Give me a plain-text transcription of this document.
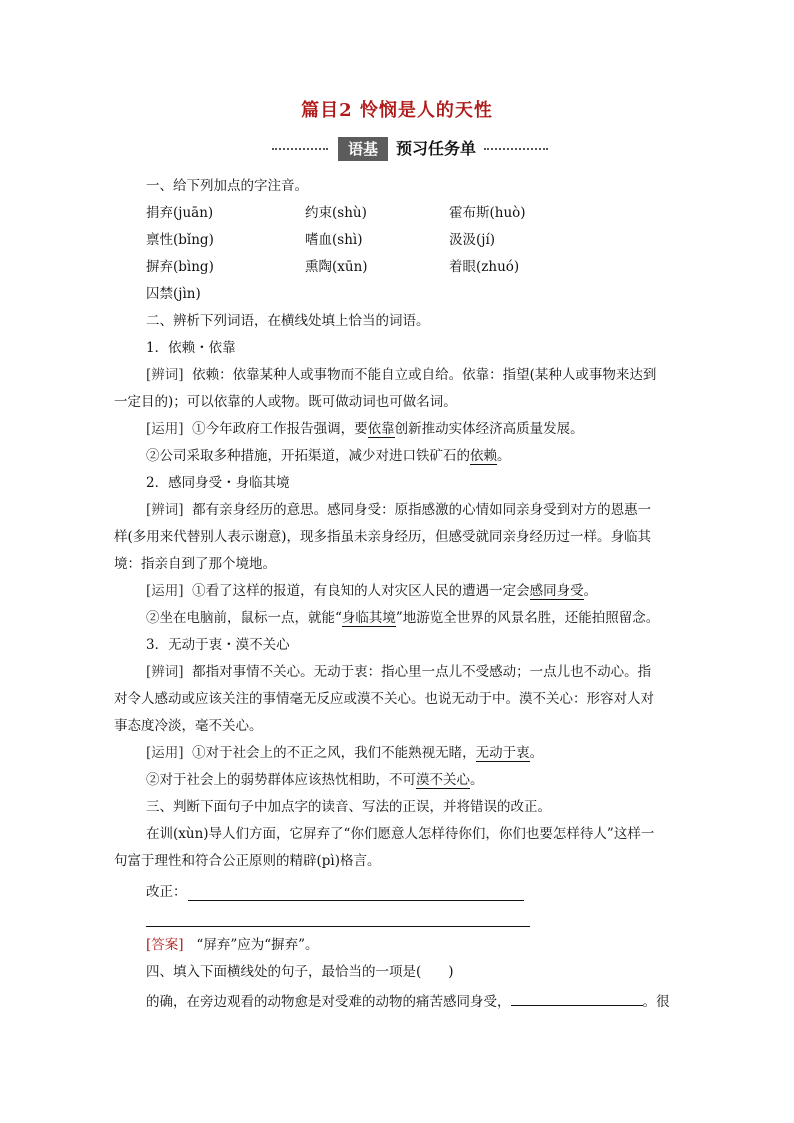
篇目2 怜悯是人的天性
语基	预习任务单
一、给下列加点的字注音。
捐弃(juān)	约束(shù)	霍布斯(huò)
禀性(bǐng)	嗜血(shì)	汲汲(jí)
摒弃(bìng)	熏陶(xūn)	着眼(zhuó)
囚禁(jìn)
二、辨析下列词语，在横线处填上恰当的词语。
1．依赖・依靠
[辨词] 依赖：依靠某种人或事物而不能自立或自给。依靠：指望(某种人或事物来达到
一定目的)；可以依靠的人或物。既可做动词也可做名词。
[运用] ①今年政府工作报告强调，要依靠创新推动实体经济高质量发展。
②公司采取多种措施，开拓渠道，减少对进口铁矿石的依赖。
2．感同身受・身临其境
[辨词] 都有亲身经历的意思。感同身受：原指感激的心情如同亲身受到对方的恩惠一
样(多用来代替别人表示谢意)，现多指虽未亲身经历，但感受就同亲身经历过一样。身临其
境：指亲自到了那个境地。
[运用] ①看了这样的报道，有良知的人对灾区人民的遭遇一定会感同身受。
②坐在电脑前，鼠标一点，就能“身临其境”地游览全世界的风景名胜，还能拍照留念。
3．无动于衷・漠不关心
[辨词] 都指对事情不关心。无动于衷：指心里一点儿不受感动；一点儿也不动心。指
对令人感动或应该关注的事情毫无反应或漠不关心。也说无动于中。漠不关心：形容对人对
事态度冷淡，毫不关心。
[运用] ①对于社会上的不正之风，我们不能熟视无睹，无动于衷。
②对于社会上的弱势群体应该热忱相助，不可漠不关心。
三、判断下面句子中加点字的读音、写法的正误，并将错误的改正。
在训(xùn)导人们方面，它屏弃了“你们愿意人怎样待你们，你们也要怎样待人”这样一
句富于理性和符合公正原则的精辟(pì)格言。
改正：
[答案] “屏弃”应为“摒弃”。
四、填入下面横线处的句子，最恰当的一项是(　　)
的确，在旁边观看的动物愈是对受难的动物的痛苦感同身受，	。很
